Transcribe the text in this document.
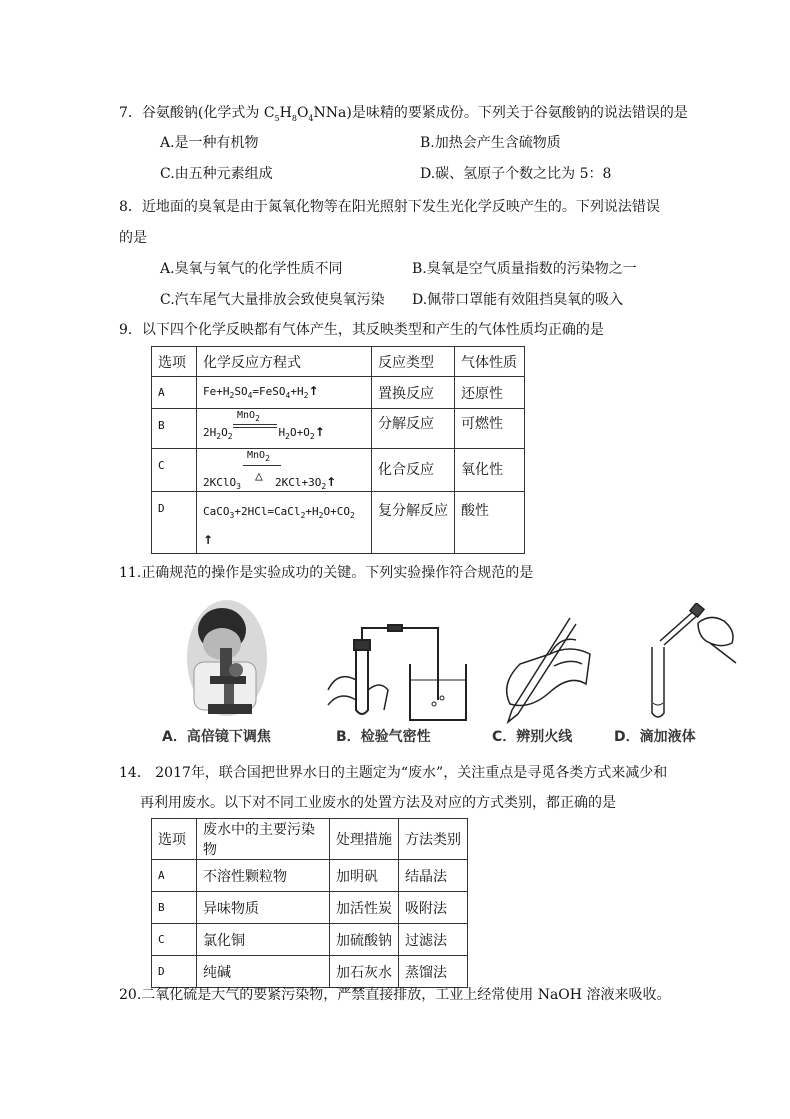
7．谷氨酸钠(化学式为 $C_5H_8O_4NNa$)是味精的要紧成份。下列关于谷氨酸钠的说法错误的是
A.是一种有机物	B.加热会产生含硫物质
C.由五种元素组成	D.碳、氢原子个数之比为 5：8
8．近地面的臭氧是由于氮氧化物等在阳光照射下发生光化学反映产生的。下列说法错误
的是
A.臭氧与氧气的化学性质不同	B.臭氧是空气质量指数的污染物之一
C.汽车尾气大量排放会致使臭氧污染 D.佩带口罩能有效阻挡臭氧的吸入
9．以下四个化学反映都有气体产生，其反映类型和产生的气体性质均正确的是
选项	化学反应方程式	反应类型	气体性质
A	$Fe+H_2SO_4=FeSO_4+H_2↑$	置换反应	还原性
B	MnO$_2$
$2H_2O_2$ $H_2O+O_2↑$	分解反应	可燃性
C	MnO$_2$
△
2KClO$_3$ $2KCl+3O_2↑$	化合反应	氧化性
D	$CaCO_3+2HCl=CaCl_2+H_2O+CO_2$
↑	复分解反应	酸性
11.正确规范的操作是实验成功的关键。下列实验操作符合规范的是
A．高倍镜下调焦	B．检验气密性	C．辨别火线	D．滴加液体
14． 2017年，联合国把世界水日的主题定为“废水”，关注重点是寻觅各类方式来减少和
再利用废水。以下对不同工业废水的处置方法及对应的方式类别，都正确的是
选项	废水中的主要污染物	处理措施	方法类别
A	不溶性颗粒物	加明矾	结晶法
B	异味物质	加活性炭	吸附法
C	氯化铜	加硫酸钠	过滤法
D	纯碱	加石灰水	蒸馏法
20.二氧化硫是大气的要紧污染物，严禁直接排放，工业上经常使用 NaOH 溶液来吸收。
